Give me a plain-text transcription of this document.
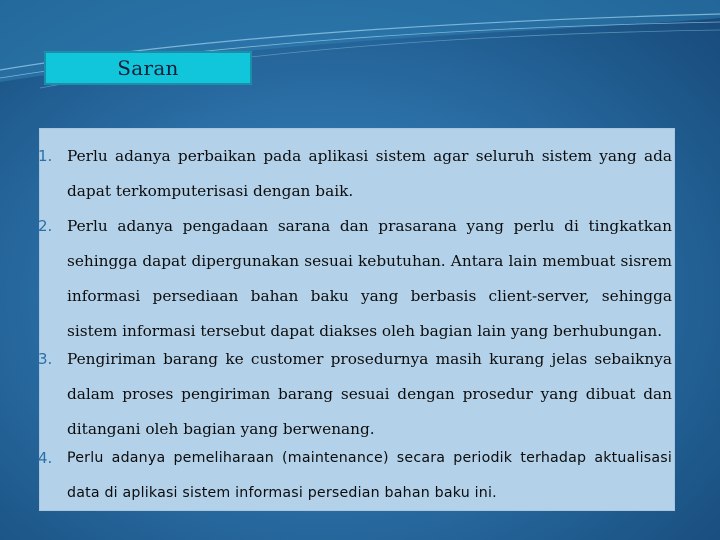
Saran
1. Perlu adanya perbaikan pada aplikasi sistem agar seluruh sistem yang ada dapat terkomputerisasi dengan baik.
2. Perlu adanya pengadaan sarana dan prasarana yang perlu di tingkatkan sehingga dapat dipergunakan sesuai kebutuhan. Antara lain membuat sisrem informasi persediaan bahan baku yang berbasis client-server, sehingga sistem informasi tersebut dapat diakses oleh bagian lain yang berhubungan.
3. Pengiriman barang ke customer prosedurnya masih kurang jelas sebaiknya dalam proses pengiriman barang sesuai dengan prosedur yang dibuat dan ditangani oleh bagian yang berwenang.
4.	Perlu adanya pemeliharaan (maintenance) secara periodik terhadap aktualisasi data di aplikasi sistem informasi persedian bahan baku ini.
